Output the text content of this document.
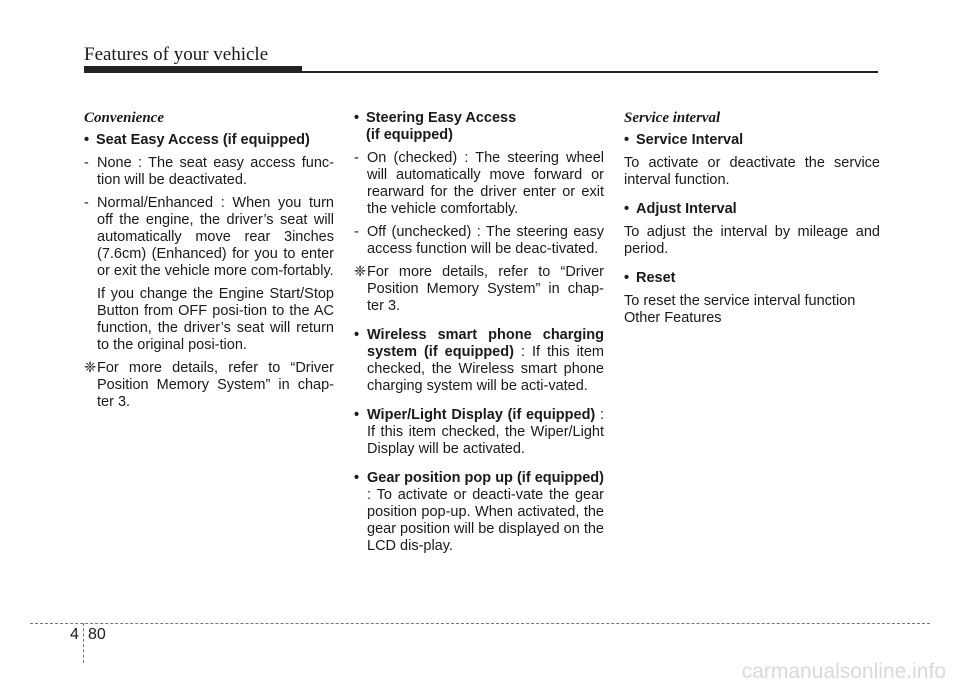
Features of your vehicle
Convenience
• Seat Easy Access (if equipped)
- None : The seat easy access func-tion will be deactivated.
- Normal/Enhanced : When you turn off the engine, the driver’s seat will automatically move rear 3inches (7.6cm) (Enhanced) for you to enter or exit the vehicle more com-fortably.
If you change the Engine Start/Stop Button from OFF posi-tion to the AC function, the driver’s seat will return to the original posi-tion.
❈ For more details, refer to “Driver Position Memory System” in chap-ter 3.
• Steering Easy Access
(if equipped)
- On (checked) : The steering wheel will automatically move forward or rearward for the driver enter or exit the vehicle comfortably.
- Off (unchecked) : The steering easy access function will be deac-tivated.
❈ For more details, refer to “Driver Position Memory System” in chap-ter 3.
• Wireless smart phone charging system (if equipped) : If this item checked, the Wireless smart phone charging system will be acti-vated.
• Wiper/Light Display (if equipped) : If this item checked, the Wiper/Light Display will be activated.
• Gear position pop up (if equipped) : To activate or deacti-vate the gear position pop-up. When activated, the gear position will be displayed on the LCD dis-play.
Service interval
• Service Interval
To activate or deactivate the service interval function.
• Adjust Interval
To adjust the interval by mileage and period.
• Reset
To reset the service interval function
Other Features
4 80
carmanualsonline.info
